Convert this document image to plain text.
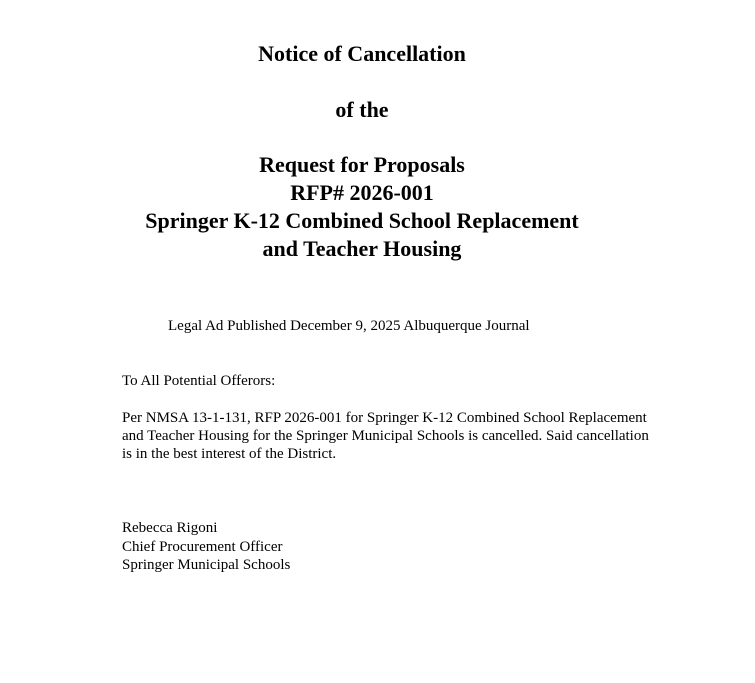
Notice of Cancellation
of the
Request for Proposals
RFP# 2026-001
Springer K-12 Combined School Replacement
and Teacher Housing
Legal Ad Published December 9, 2025 Albuquerque Journal
To All Potential Offerors:
Per NMSA 13-1-131, RFP 2026-001 for Springer K-12 Combined School Replacement
and Teacher Housing for the Springer Municipal Schools is cancelled. Said cancellation
is in the best interest of the District.
Rebecca Rigoni
Chief Procurement Officer
Springer Municipal Schools
